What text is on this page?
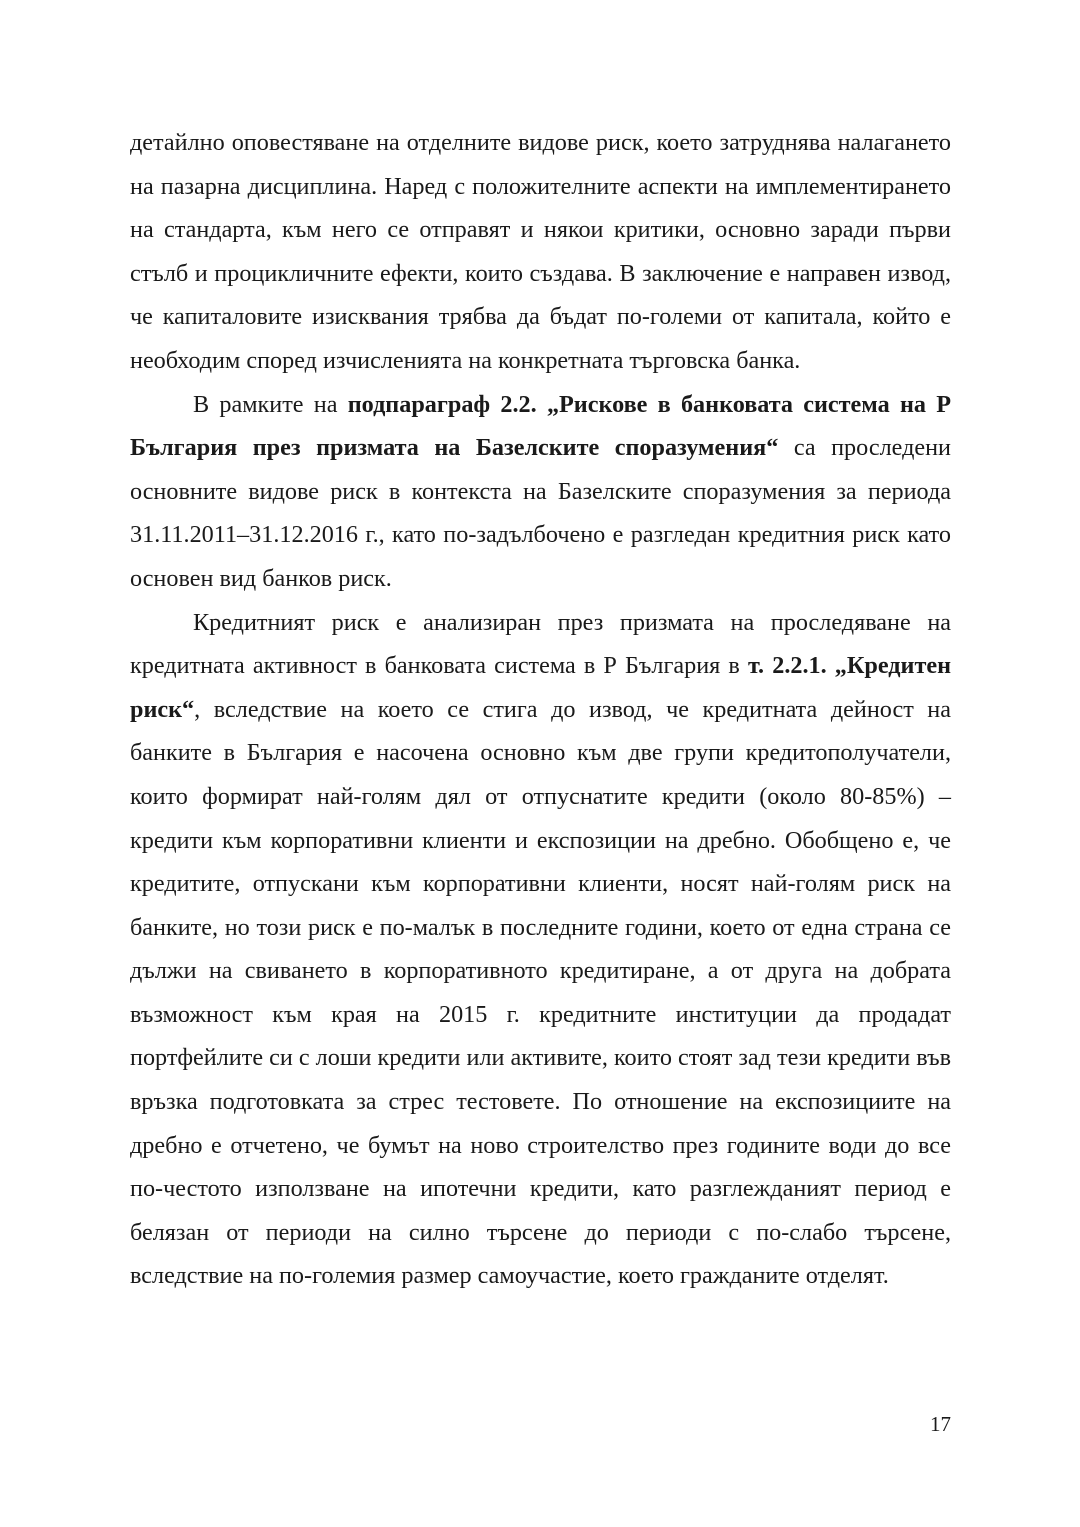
детайлно оповестяване на отделните видове риск, което затруднява налагането на пазарна дисциплина. Наред с положителните аспекти на имплементирането на стандарта, към него се отправят и някои критики, основно заради първи стълб и процикличните ефекти, които създава. В заключение е направен извод, че капиталовите изисквания трябва да бъдат по-големи от капитала, който е необходим според изчисленията на конкретната търговска банка.

В рамките на подпараграф 2.2. „Рискове в банковата система на Р България през призмата на Базелските споразумения“ са проследени основните видове риск в контекста на Базелските споразумения за периода 31.11.2011–31.12.2016 г., като по-задълбочено е разгледан кредитния риск като основен вид банков риск.

Кредитният риск е анализиран през призмата на проследяване на кредитната активност в банковата система в Р България в т. 2.2.1. „Кредитен риск“, вследствие на което се стига до извод, че кредитната дейност на банките в България е насочена основно към две групи кредитополучатели, които формират най-голям дял от отпуснатите кредити (около 80-85%) – кредити към корпоративни клиенти и експозиции на дребно. Обобщено е, че кредитите, отпускани към корпоративни клиенти, носят най-голям риск на банките, но този риск е по-малък в последните години, което от една страна се дължи на свиването в корпоративното кредитиране, а от друга на добрата възможност към края на 2015 г. кредитните институции да продадат портфейлите си с лоши кредити или активите, които стоят зад тези кредити във връзка подготовката за стрес тестовете. По отношение на експозициите на дребно е отчетено, че бумът на ново строителство през годините води до все по-честото използване на ипотечни кредити, като разглежданият период е белязан от периоди на силно търсене до периоди с по-слабо търсене, вследствие на по-големия размер самоучастие, което гражданите отделят.

17
